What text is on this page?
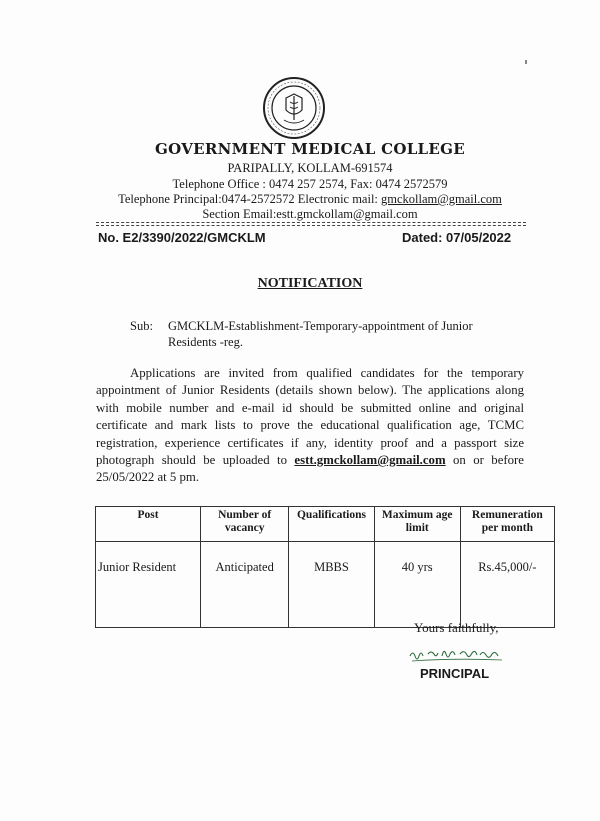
GOVERNMENT MEDICAL COLLEGE
PARIPALLY, KOLLAM-691574
Telephone Office : 0474 257 2574, Fax: 0474 2572579
Telephone Principal:0474-2572572 Electronic mail: gmckollam@gmail.com
Section Email:estt.gmckollam@gmail.com
No. E2/3390/2022/GMCKLM	Dated: 07/05/2022
NOTIFICATION
Sub: GMCKLM-Establishment-Temporary-appointment of Junior Residents -reg.
Applications are invited from qualified candidates for the temporary appointment of Junior Residents (details shown below). The applications along with mobile number and e-mail id should be submitted online and original certificate and mark lists to prove the educational qualification age, TCMC registration, experience certificates if any, identity proof and a passport size photograph should be uploaded to estt.gmckollam@gmail.com on or before 25/05/2022 at 5 pm.
Post	Number of vacancy	Qualifications	Maximum age limit	Remuneration per month
Junior Resident	Anticipated	MBBS	40 yrs	Rs.45,000/-
Yours faithfully,
PRINCIPAL
